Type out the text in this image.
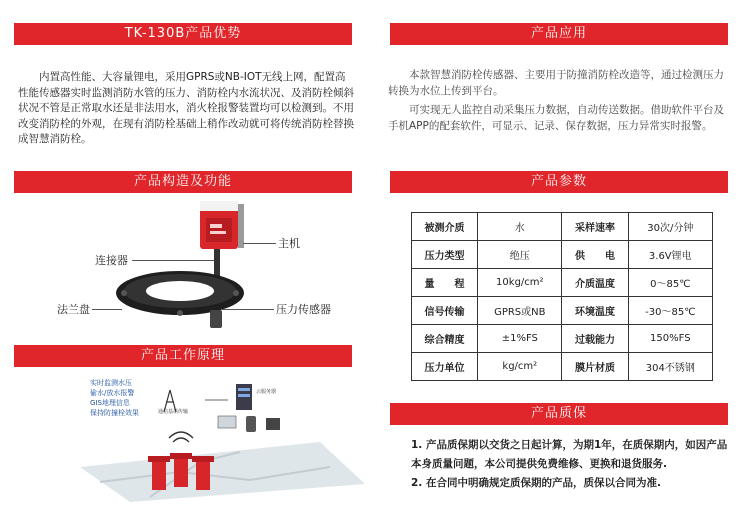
TK-130B产品优势

内置高性能、大容量锂电，采用GPRS或NB-IOT无线上网，配置高性能传感器实时监测消防水管的压力、消防栓内水流状况、及消防栓倾斜状况不管是正常取水还是非法用水，消火栓报警装置均可以检测到。不用改变消防栓的外观，在现有消防栓基础上稍作改动就可将传统消防栓替换成智慧消防栓。

产品构造及功能
主机
连接器
法兰盘	压力传感器
产品工作原理
实时监测水压
偷水/放水报警
GIS地理信息
保持防撞栓效果	通信基站传输
云服务器
产品应用

本款智慧消防栓传感器、主要用于防撞消防栓改造等，通过检测压力转换为水位上传到平台。

可实现无人监控自动采集压力数据，自动传送数据。借助软件平台及手机APP的配套软件，可显示、记录、保存数据，压力异常实时报警。

产品参数
被测介质	水	采样速率	30次/分钟
压力类型	绝压	供　　电	3.6V锂电
量　　程	10kg/cm²	介质温度	0～85℃
信号传输	GPRS或NB	环境温度	-30～85℃
综合精度	±1%FS	过载能力	150%FS
压力单位	kg/cm²	膜片材质	304不锈钢
产品质保
1. 产品质保期以交货之日起计算，为期1年，在质保期内，如因产品本身质量问题，本公司提供免费维修、更换和退货服务.
2. 在合同中明确规定质保期的产品，质保以合同为准.
